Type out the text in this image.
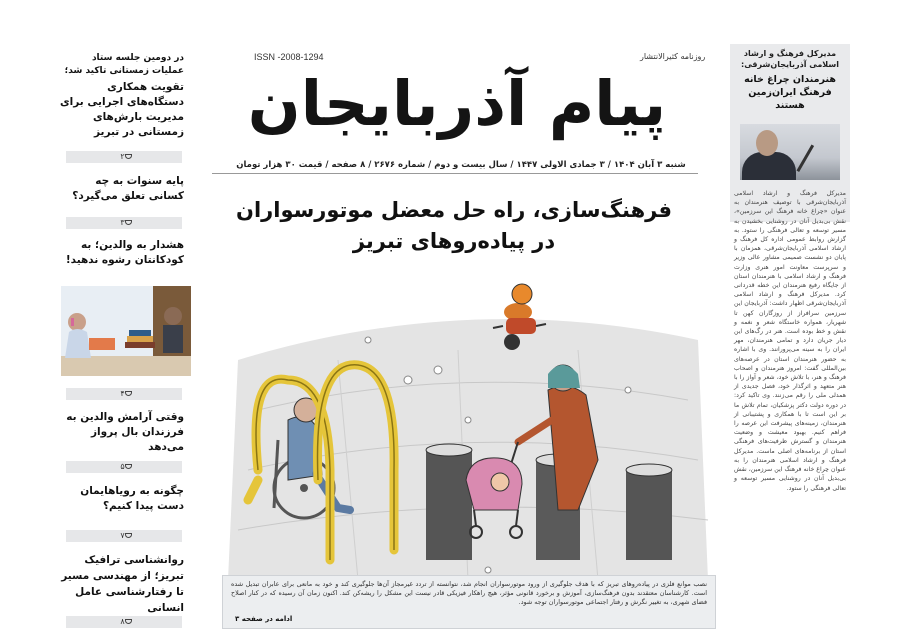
در دومین جلسه ستاد عملیات زمستانی تاکید شد؛
تقویت همکاری دستگاه‌های اجرایی برای مدیریت بارش‌های زمستانی در تبریز
۲
پایه سنوات به چه کسانی تعلق می‌گیرد؟
۳
هشدار به والدین؛ به کودکانتان رشوه ندهید!
۴
وقتی آرامش والدین به فرزندان بال پرواز می‌دهد
۵
چگونه به رویاهایمان دست پیدا کنیم؟
۷
روانشناسی ترافیک تبریز؛ از مهندسی مسیر تا رفتارشناسی عامل انسانی
۸
ISSN -2008-1294	روزنامه کثیرالانتشار
پیام آذربایجان
شنبه ۳ آبان ۱۴۰۴ / ۳ جمادی الاولی ۱۴۴۷ / سال بیست و دوم / شماره ۲۶۷۶ / ۸ صفحه / قیمت ۳۰ هزار تومان
فرهنگ‌سازی، راه حل معضل موتورسواران
در پیاده‌روهای تبریز
نصب موانع فلزی در پیاده‌روهای تبریز که با هدف جلوگیری از ورود موتورسواران انجام شد، نتوانسته از تردد غیرمجاز آن‌ها جلوگیری کند و خود به مانعی برای عابران تبدیل شده است. کارشناسان معتقدند بدون فرهنگ‌سازی، آموزش و برخورد قانونی مؤثر، هیچ راهکار فیزیکی قادر نیست این مشکل را ریشه‌کن کند. اکنون زمان آن رسیده که در کنار اصلاح فضای شهری، به تغییر نگرش و رفتار اجتماعی موتورسواران توجه شود.
ادامه در صفحه ۳
مدیرکل فرهنگ و ارشاد اسلامی آذربایجان‌شرقی:
هنرمندان چراغ خانه فرهنگ ایران‌زمین هستند
مدیرکل فرهنگ و ارشاد اسلامی آذربایجان‌شرقی با توصیف هنرمندان به عنوان «چراغ خانه فرهنگ این سرزمین»، نقش بی‌بدیل آنان در روشنایی بخشیدن به مسیر توسعه و تعالی فرهنگی را ستود. به گزارش روابط عمومی اداره کل فرهنگ و ارشاد اسلامی آذربایجان‌شرقی، همزمان با پایان دو نشست صمیمی مشاور عالی وزیر و سرپرست معاونت امور هنری وزارت فرهنگ و ارشاد اسلامی با هنرمندان استان از جایگاه رفیع هنرمندان این خطه قدردانی کرد. مدیرکل فرهنگ و ارشاد اسلامی آذربایجان‌شرقی اظهار داشت: آذربایجان این سرزمین سرافراز از روزگاران کهن تا شهریار، همواره خاستگاه شعر و نغمه و نقش و خط بوده است. هنر در رگ‌های این دیار جریان دارد و تمامی هنرمندان، مهر ایران را به سینه می‌پرورانند. وی با اشاره به حضور هنرمندان استان در عرصه‌های بین‌المللی گفت: امروز هنرمندان و اصحاب فرهنگ و هنر، با تلاش خود، شعر و آواز را با هنر متعهد و اثرگذار خود، فصل جدیدی از همدلی ملی را رقم می‌زنند. وی تاکید کرد: در دوره دولت دکتر پزشکیان، تمام تلاش ما بر این است تا با همکاری و پشتیبانی از هنرمندان، زمینه‌های پیشرفت این عرصه را فراهم کنیم. بهبود معیشت و وضعیت هنرمندان و گسترش ظرفیت‌های فرهنگی استان از برنامه‌های اصلی ماست. مدیرکل فرهنگ و ارشاد اسلامی هنرمندان را به عنوان چراغ خانه فرهنگ این سرزمین، نقش بی‌بدیل آنان در روشنایی مسیر توسعه و تعالی فرهنگی را ستود.
